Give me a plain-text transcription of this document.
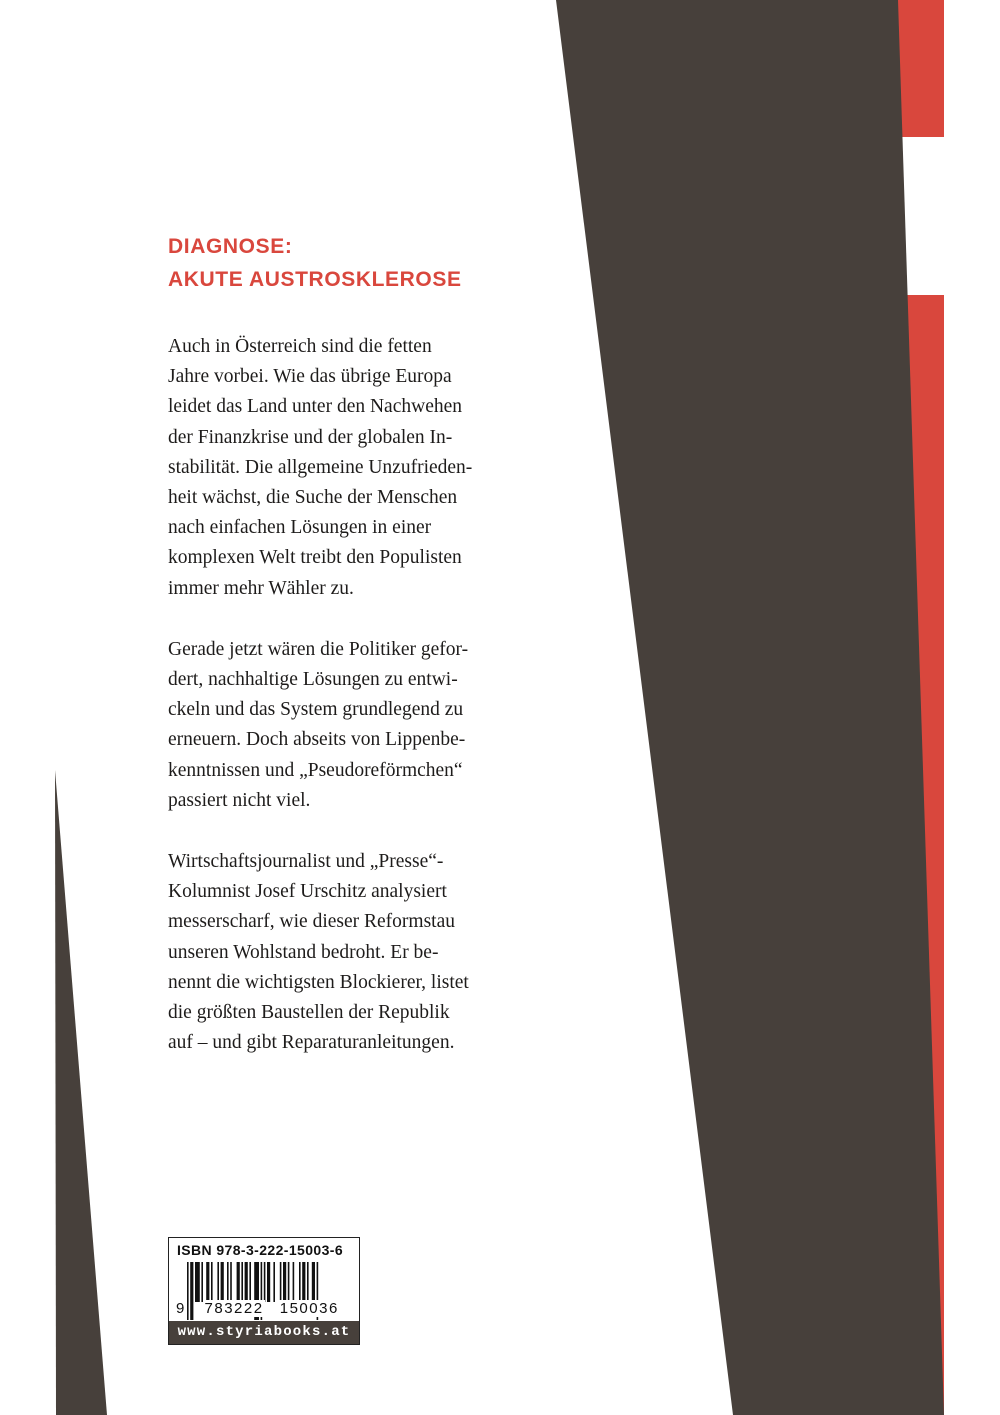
DIAGNOSE:
AKUTE AUSTROSKLEROSE
Auch in Österreich sind die fetten
Jahre vorbei. Wie das übrige Europa
leidet das Land unter den Nachwehen
der Finanzkrise und der globalen In-
stabilität. Die allgemeine Unzufrieden-
heit wächst, die Suche der Menschen
nach einfachen Lösungen in einer
komplexen Welt treibt den Populisten
immer mehr Wähler zu.
Gerade jetzt wären die Politiker gefor-
dert, nachhaltige Lösungen zu entwi-
ckeln und das System grundlegend zu
erneuern. Doch abseits von Lippenbe-
kenntnissen und „Pseudoreförmchen“
passiert nicht viel.
Wirtschaftsjournalist und „Presse“-
Kolumnist Josef Urschitz analysiert
messerscharf, wie dieser Reformstau
unseren Wohlstand bedroht. Er be-
nennt die wichtigsten Blockierer, listet
die größten Baustellen der Republik
auf – und gibt Reparaturanleitungen.
ISBN 978-3-222-15003-6
9 783222 150036
www.styriabooks.at
